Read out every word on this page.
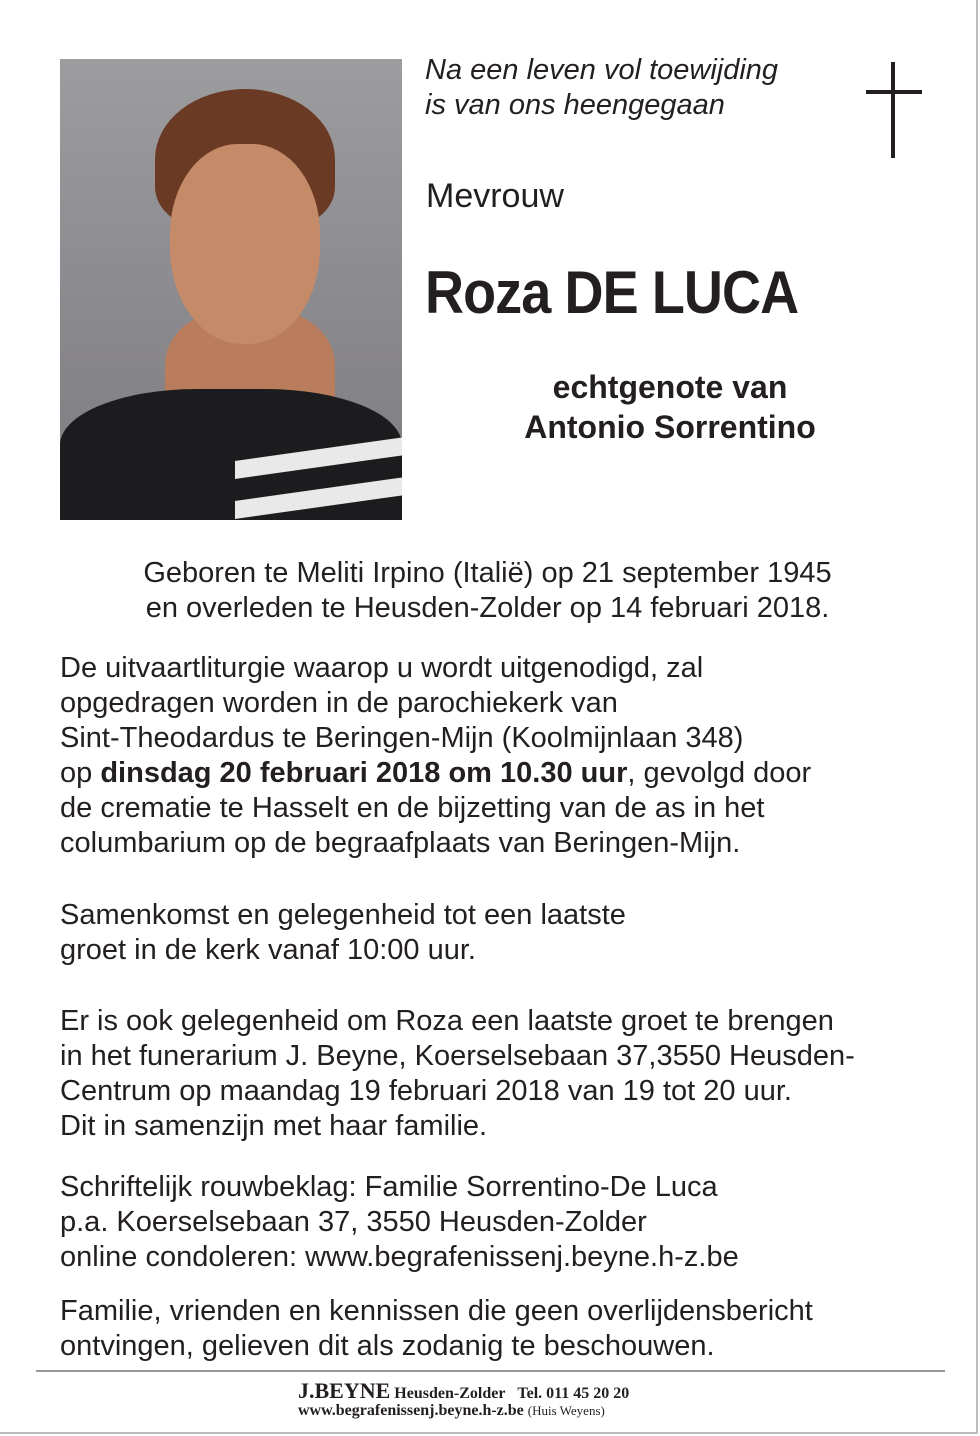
Na een leven vol toewijding
is van ons heengegaan
Mevrouw
Roza DE LUCA
echtgenote van
Antonio Sorrentino
Geboren te Meliti Irpino (Italië) op 21 september 1945
en overleden te Heusden-Zolder op 14 februari 2018.
De uitvaartliturgie waarop u wordt uitgenodigd, zal
opgedragen worden in de parochiekerk van
Sint-Theodardus te Beringen-Mijn (Koolmijnlaan 348)
op dinsdag 20 februari 2018 om 10.30 uur, gevolgd door
de crematie te Hasselt en de bijzetting van de as in het
columbarium op de begraafplaats van Beringen-Mijn.
Samenkomst en gelegenheid tot een laatste
groet in de kerk vanaf 10:00 uur.
Er is ook gelegenheid om Roza een laatste groet te brengen
in het funerarium J. Beyne, Koerselsebaan 37,3550 Heusden-
Centrum op maandag 19 februari 2018 van 19 tot 20 uur.
Dit in samenzijn met haar familie.
Schriftelijk rouwbeklag: Familie Sorrentino-De Luca
p.a. Koerselsebaan 37, 3550 Heusden-Zolder
online condoleren: www.begrafenissenj.beyne.h-z.be
Familie, vrienden en kennissen die geen overlijdensbericht
ontvingen, gelieven dit als zodanig te beschouwen.
J.BEYNE Heusden-Zolder Tel. 011 45 20 20
www.begrafenissenj.beyne.h-z.be (Huis Weyens)
